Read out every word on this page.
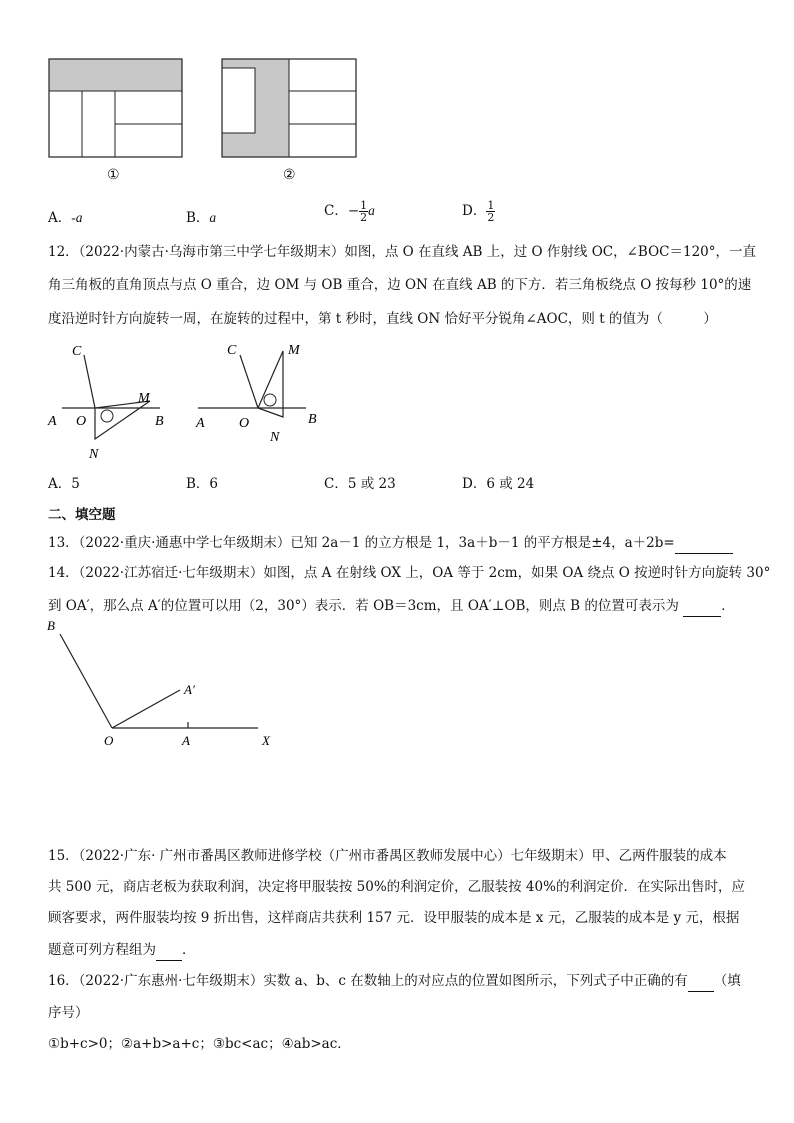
①	②
A．-a	B．a	C．− $\frac{1}{2}$ a	D． $\frac{1}{2}$
12．（2022·内蒙古·乌海市第三中学七年级期末）如图，点 O 在直线 AB 上，过 O 作射线 OC，∠BOC＝120°，一直
角三角板的直角顶点与点 O 重合，边 OM 与 OB 重合，边 ON 在直线 AB 的下方．若三角板绕点 O 按每秒 10°的速
度沿逆时针方向旋转一周，在旋转的过程中，第 t 秒时，直线 ON 恰好平分锐角∠AOC，则 t 的值为（　　　）
C
A O
M
B
N
C	M
A O
N
B
A．5	B．6	C．5 或 23	D．6 或 24
二、填空题
13．（2022·重庆·通惠中学七年级期末）已知 2a－1 的立方根是 1，3a＋b－1 的平方根是±4，a＋2b=
14．（2022·江苏宿迁·七年级期末）如图，点 A 在射线 OX 上，OA 等于 2cm，如果 OA 绕点 O 按逆时针方向旋转 30°
到 OA′，那么点 A′的位置可以用（2，30°）表示．若 OB＝3cm，且 OA′⊥OB，则点 B 的位置可表示为	．
B
A′
O	A	X
15．（2022·广东· 广州市番禺区教师进修学校（广州市番禺区教师发展中心）七年级期末）甲、乙两件服装的成本
共 500 元，商店老板为获取利润，决定将甲服装按 50%的利润定价，乙服装按 40%的利润定价．在实际出售时，应
顾客要求，两件服装均按 9 折出售，这样商店共获利 157 元．设甲服装的成本是 x 元，乙服装的成本是 y 元，根据
题意可列方程组为 ．
16．（2022·广东惠州·七年级期末）实数 a、b、c 在数轴上的对应点的位置如图所示，下列式子中正确的有 （填
序号）
①b+c>0；②a+b>a+c；③bc<ac；④ab>ac．
